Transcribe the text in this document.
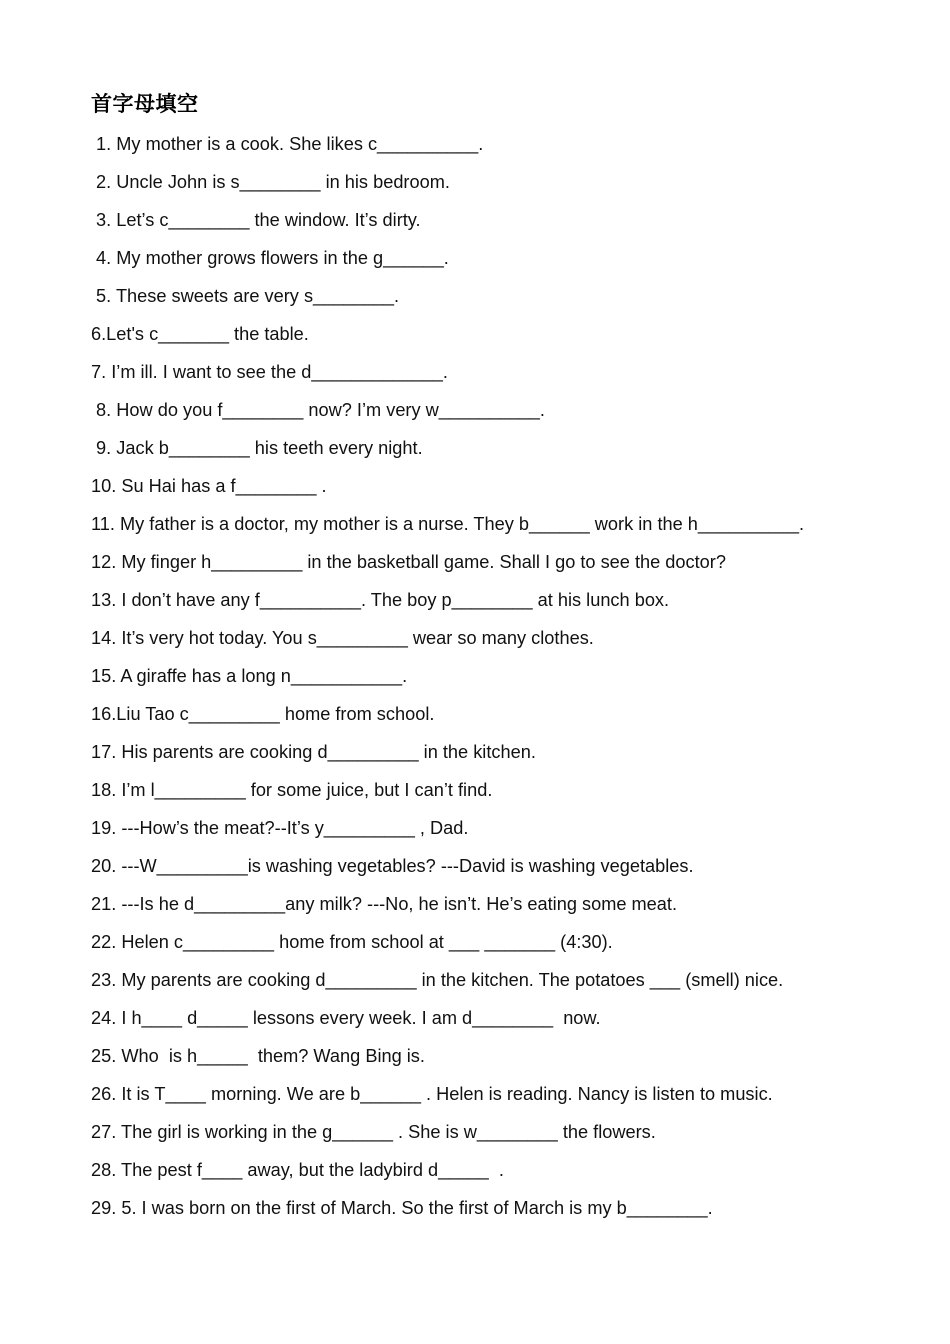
首字母填空
1. My mother is a cook. She likes c__________.
2. Uncle John is s________ in his bedroom.
3. Let’s c________ the window. It’s dirty.
4. My mother grows flowers in the g______.
5. These sweets are very s________.
6.Let's c_______ the table.
7. I’m ill. I want to see the d_____________.
8. How do you f________ now? I’m very w__________.
9. Jack b________ his teeth every night.
10. Su Hai has a f________ .
11. My father is a doctor, my mother is a nurse. They b______ work in the h__________.
12. My finger h_________ in the basketball game. Shall I go to see the doctor?
13. I don’t have any f__________. The boy p________ at his lunch box.
14. It’s very hot today. You s_________ wear so many clothes.
15. A giraffe has a long n___________.
16.Liu Tao c_________ home from school.
17. His parents are cooking d_________ in the kitchen.
18. I’m l_________ for some juice, but I can’t find.
19. ---How’s the meat?--It’s y_________ , Dad.
20. ---W_________is washing vegetables? ---David is washing vegetables.
21. ---Is he d_________any milk? ---No, he isn’t. He’s eating some meat.
22. Helen c_________ home from school at ___ _______ (4:30).
23. My parents are cooking d_________ in the kitchen. The potatoes ___ (smell) nice.
24. I h____ d_____ lessons every week. I am d________  now.
25. Who  is h_____  them? Wang Bing is.
26. It is T____ morning. We are b______ . Helen is reading. Nancy is listen to music.
27. The girl is working in the g______ . She is w________ the flowers.
28. The pest f____ away, but the ladybird d_____  .
29. 5. I was born on the first of March. So the first of March is my b________.
